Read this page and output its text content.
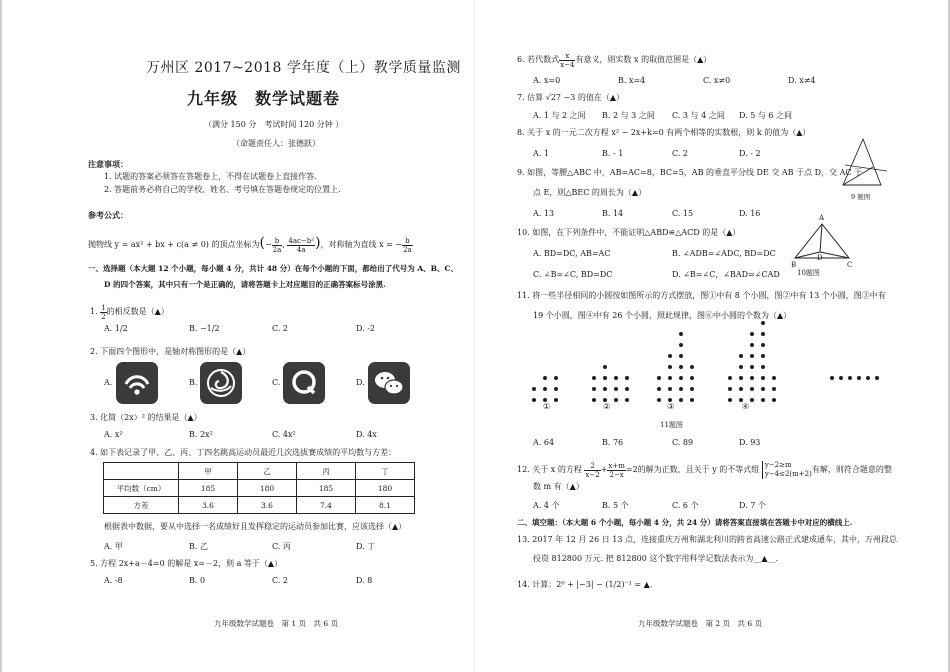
万州区 2017~2018 学年度（上）教学质量监测
九年级　数学试题卷
（满分 150 分　考试时间 120 分钟 ）
（命题责任人：张德跃）
注意事项：
1. 试题的答案必须答在答题卷上，不得在试题卷上直接作答.
2. 答题前务必将自己的学校、姓名、考号填在答题卷规定的位置上.
参考公式：
抛物线 y = ax² + bx + c(a ≠ 0) 的顶点坐标为(− $\frac{b}{2a}$ , $\frac{\text{4ac−b²}}{4a}$ )，对称轴为直线 x = − $\frac{b}{2a}$
一、选择题（本大题 12 个小题，每小题 4 分，共计 48 分）在每个小题的下面，都给出了代号为 A、B、C、
D 的四个答案，其中只有一个是正确的，请将答题卡上对应题目的正确答案标号涂黑.
1. $\frac{1}{2}$ 的相反数是（▲）
A. 1/2	B. −1/2	C. 2	D. -2
2. 下面四个图形中，是轴对称图形的是（▲）
A.	B.	C.	D.
3. 化简（2x）² 的结果是（▲）
A. x²	B. 2x²	C. 4x²	D. 4x
4. 如下表记录了甲、乙、丙、丁四名跳高运动员最近几次选拔赛成绩的平均数与方差：
	甲	乙	丙	丁
平均数（cm）	185	180	185	180
方差	3.6	3.6	7.4	8.1
根据表中数据，要从中选择一名成绩好且发挥稳定的运动员参加比赛，应该选择（▲）
A. 甲	B. 乙	C. 丙	D. 丁
5. 方程 2x+a－4=0 的解是 x=－2，则 a 等于（▲）
A. -8	B. 0	C. 2	D. 8
九年级数学试题卷　第 1 页　共 6 页
6. 若代数式 $\frac{x}{x-4}$ 有意义，则实数 x 的取值范围是（▲）
A. x=0	B. x=4	C. x≠0	D. x≠4
7. 估算 √27 −3 的值在（▲）
A. 1 与 2 之间 B. 2 与 3 之间 C. 3 与 4 之间 D. 5 与 6 之间
8. 关于 x 的一元二次方程 x² − 2x+k=0 有两个相等的实数根，则 k 的值为（▲）
A. 1	B. - 1	C. 2	D. - 2
9. 如图，等腰△ABC 中，AB=AC=8，BC=5，AB 的垂直平分线 DE 交 AB 于点 D，交 AC 于
点 E，则△BEC 的周长为（▲）
A. 13	B. 14	C. 15	D. 16
9 题图
10. 如图，在下列条件中，不能证明△ABD≌△ACD 的是（▲）
A. BD=DC, AB=AC	B. ∠ADB=∠ADC, BD=DC
C. ∠B=∠C, BD=DC	D. ∠B=∠C，∠BAD=∠CAD
A
B
D
C
10题图
11. 将一些半径相同的小圆按如图所示的方式摆放，图①中有 8 个小圆，图②中有 13 个小圆，图③中有
19 个小圆，图④中有 26 个小圆，照此规律，图⑥中小圆的个数为（▲）
①	②	③	④
11题图
A. 64	B. 76	C. 89	D. 93
12. 关于 x 的方程 $\frac{2}{x-2} + \frac{x+m}{2-x} =2$的解为正数，且关于 y 的不等式组 y−2≥m
y−4≤2(m+2) 有解，则符合题意的整
数 m 有（▲）
A. 4 个	B. 5 个	C. 6 个	D. 7 个
二、填空题：（本大题 6 个小题，每小题 4 分，共 24 分）请将答案直接填在答题卡中对应的横线上.
13. 2017 年 12 月 26 日 13 点，连接重庆万州和湖北利川的跨省高速公路正式建成通车，其中，万州段总
投资 812800 万元. 把 812800 这个数字用科学记数法表示为__▲__.
14. 计算：2⁰ + |−3| − (1/2)⁻¹ = ▲.
九年级数学试题卷　第 2 页　共 6 页
